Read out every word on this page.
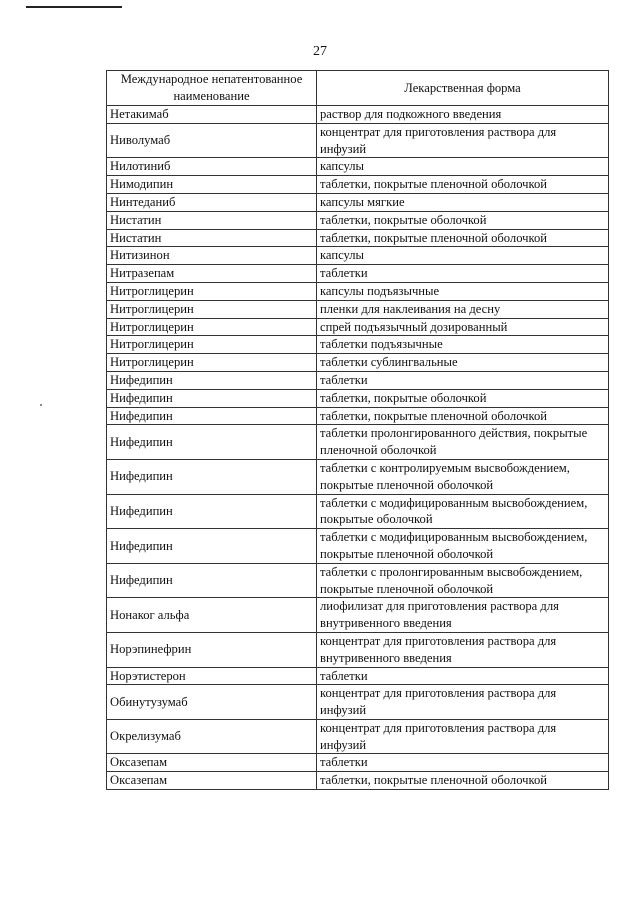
27
Международное непатентованное наименование	Лекарственная форма
Нетакимаб	раствор для подкожного введения
Ниволумаб	концентрат для приготовления раствора для инфузий
Нилотиниб	капсулы
Нимодипин	таблетки, покрытые пленочной оболочкой
Нинтеданиб	капсулы мягкие
Нистатин	таблетки, покрытые оболочкой
Нистатин	таблетки, покрытые пленочной оболочкой
Нитизинон	капсулы
Нитразепам	таблетки
Нитроглицерин	капсулы подъязычные
Нитроглицерин	пленки для наклеивания на десну
Нитроглицерин	спрей подъязычный дозированный
Нитроглицерин	таблетки подъязычные
Нитроглицерин	таблетки сублингвальные
Нифедипин	таблетки
Нифедипин	таблетки, покрытые оболочкой
Нифедипин	таблетки, покрытые пленочной оболочкой
Нифедипин	таблетки пролонгированного действия, покрытые пленочной оболочкой
Нифедипин	таблетки с контролируемым высвобождением, покрытые пленочной оболочкой
Нифедипин	таблетки с модифицированным высвобождением, покрытые оболочкой
Нифедипин	таблетки с модифицированным высвобождением, покрытые пленочной оболочкой
Нифедипин	таблетки с пролонгированным высвобождением, покрытые пленочной оболочкой
Нонаког альфа	лиофилизат для приготовления раствора для внутривенного введения
Норэпинефрин	концентрат для приготовления раствора для внутривенного введения
Норэтистерон	таблетки
Обинутузумаб	концентрат для приготовления раствора для инфузий
Окрелизумаб	концентрат для приготовления раствора для инфузий
Оксазепам	таблетки
Оксазепам	таблетки, покрытые пленочной оболочкой
